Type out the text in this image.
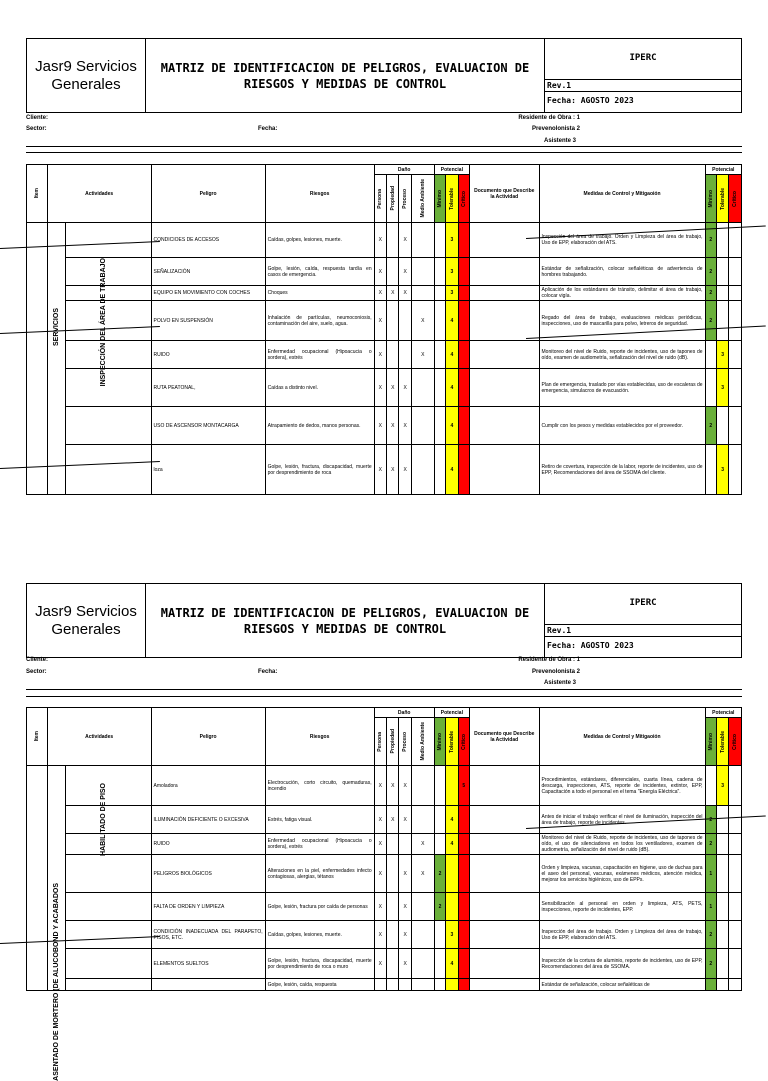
Jasr9 Servicios
Generales
MATRIZ DE IDENTIFICACION DE PELIGROS, EVALUACION DE RIESGOS Y MEDIDAS DE CONTROL
IPERC
Rev.1
Fecha: AGOSTO 2023
Cliente:	Residente de Obra : 1
Sector:	Fecha:	Prevenolonista 2
Asistente 3
Item	Actividades		Peligro	Riesgos	Daño				Potencial			Doсumento que Desсribe la Aсtividad	Medidas de Control y Mitigaоión	Potencial		

					Persona	Propiedad	Proceso	Medio Ambiente	Mínimo	Tolerable	Crítico			Mínimo	Tolerable	Crítico

			CONDICIOES DE ACCESOS	Caídas, golpes, lesiones, muerte.	X		X			3			Inspección del área de trabajo. Orden y Limpieza del área de trabajo, Uso de EPP, elaboración del ATS.	2		
			SEÑALIZACIÓN	Golpe, lesión, caída, respuesta tardía en casos de emergencia.	X		X			3			Estándar de señalización, colocar señaléticas de advertencia de hombres trabajando.	2		
			EQUIPO EN MOVIMIENTO CON COCHES	Choques	X	X	X			3			Aplicación de los estándares de tránsito, delimitar el área de trabajo, colocar vigía.	2		
			POLVO EN SUSPENSIÓN	Inhalación de partículas, neumoconiosis, contaminación del aire, suelo, agua.	X			X		4			Regado del área de trabajo, evaluaciones médicas periódicas, inspecciones, uso de mascarilla para polvo, letreros de seguridad.	2		
			RUIDO	Enfermedad ocupacional (Hipoacucia o sordera), estrés	X			X		4			Monitoreo del nivel de Ruido, reporte de incidentes, uso de tapones de oído, examen de audiometría, señalización del nivel de ruido (dB).		3	
			RUTA PEATONAL,	Caídas a distinto nivel.	X	X	X			4			Plan de emergencia, traslado por vías establecidas, uso de escaleras de emergencia, simulacros de evacuación.		3	
			USO DE ASCENSOR MONTACARGA	Atrapamiento de dedos, manos personas.	X	X	X			4			Cumplir con los pesos y medidas establecidos por el proveedor.	2		
			loza	Golpe, lesión, fractura, discapacidad, muerte por desprendimiento de roca	X	X	X			4			Retiro de covertura, inspección de la labor, reporte de incidentes, uso de EPP, Recomendaciones del área de SSOMA del cliente.		3	
SERVICIOS	INSPECCIÓN DEL ÁREA DE TRABAJO
Jasr9 Servicios
Generales
MATRIZ DE IDENTIFICACION DE PELIGROS, EVALUACION DE RIESGOS Y MEDIDAS DE CONTROL
IPERC
Rev.1
Fecha: AGOSTO 2023
Cliente:	Residente de Obra : 1
Sector:	Fecha:	Prevenolonista 2
Asistente 3
Item	Actividades		Peligro	Riesgos	Daño				Potencial			Doсumento que Desсribe la Aсtividad	Medidas de Control y Mitigaоión	Potencial		

					Persona	Propiedad	Proceso	Medio Ambiente	Mínimo	Tolerable	Crítico			Mínimo	Tolerable	Crítico

			Amoladora	Electrocución, corto circuito, quemaduras, incendio	X	X	X				5		Procedimientos, estándares, diferenciales, cuarta línea, cadena de descarga, inspecciones, ATS, reporte de incidentes, extintor, EPP, Capacitación a todo el personal en el tema "Energía Eléctrica".		3	
			ILUMINACIÓN DEFICIENTE O EXCESIVA	Estrés, fatiga visual.	X	X	X			4			Antes de iniciar el trabajo verificar el nivel de iluminación, inspección del área de trabajo, reporte de incidentes.	2		
			RUIDO	Enfermedad ocupacional (Hipoacucia o sordera), estrés	X			X		4			Monitoreo del nivel de Ruido, reporte de incidentes, uso de tapones de oído, el uso de silenciadores en todos los ventiladores, examen de audiometría, señalización del nivel de ruido (dB).	2		
			PELIGROS BIOLÓGICOS	Alteraciones en la piel, enfermedades infecto contagiosas, alergias, tétanos	X		X	X	2				Orden y limpieza, vacunas, capacitación en higiene, uso de duchas para el aseo del personal, vacunas, exámenes médicos, atención médica, mejorar los servicios higiénicos, uso de EPPs.	1		
			FALTA DE ORDEN Y LIMPIEZA	Golpe, lesión, fractura por caída de personas	X		X		2				Sensibilización al personal en orden y limpieza, ATS, PETS, inspecciones, reporte de incidentes, EPP.	1		
			CONDICIÓN INADECUADA DEL PARAPETO, PISOS, ETC.	Caídas, golpes, lesiones, muerte.	X		X			3			Inspección del área de trabajo. Orden y Limpieza del área de trabajo, Uso de EPP, elaboración del ATS.	2		
			ELEMENTOS SUELTOS	Golpe, lesión, fractura, discapacidad, muerte por desprendimiento de roca o muro	X		X			4			Inspección de la cortura de aluminio, reporte de incidentes, uso de EPP, Recomendaciones del área de SSOMA.	2		
				Golpe, lesión, caída, respuesta									Estándar de señalización, colocar señaléticas de			
ASENTADO DE MORTERO (DE ALUCOBOND Y ACABADOS
HABILITADO DE PISO
